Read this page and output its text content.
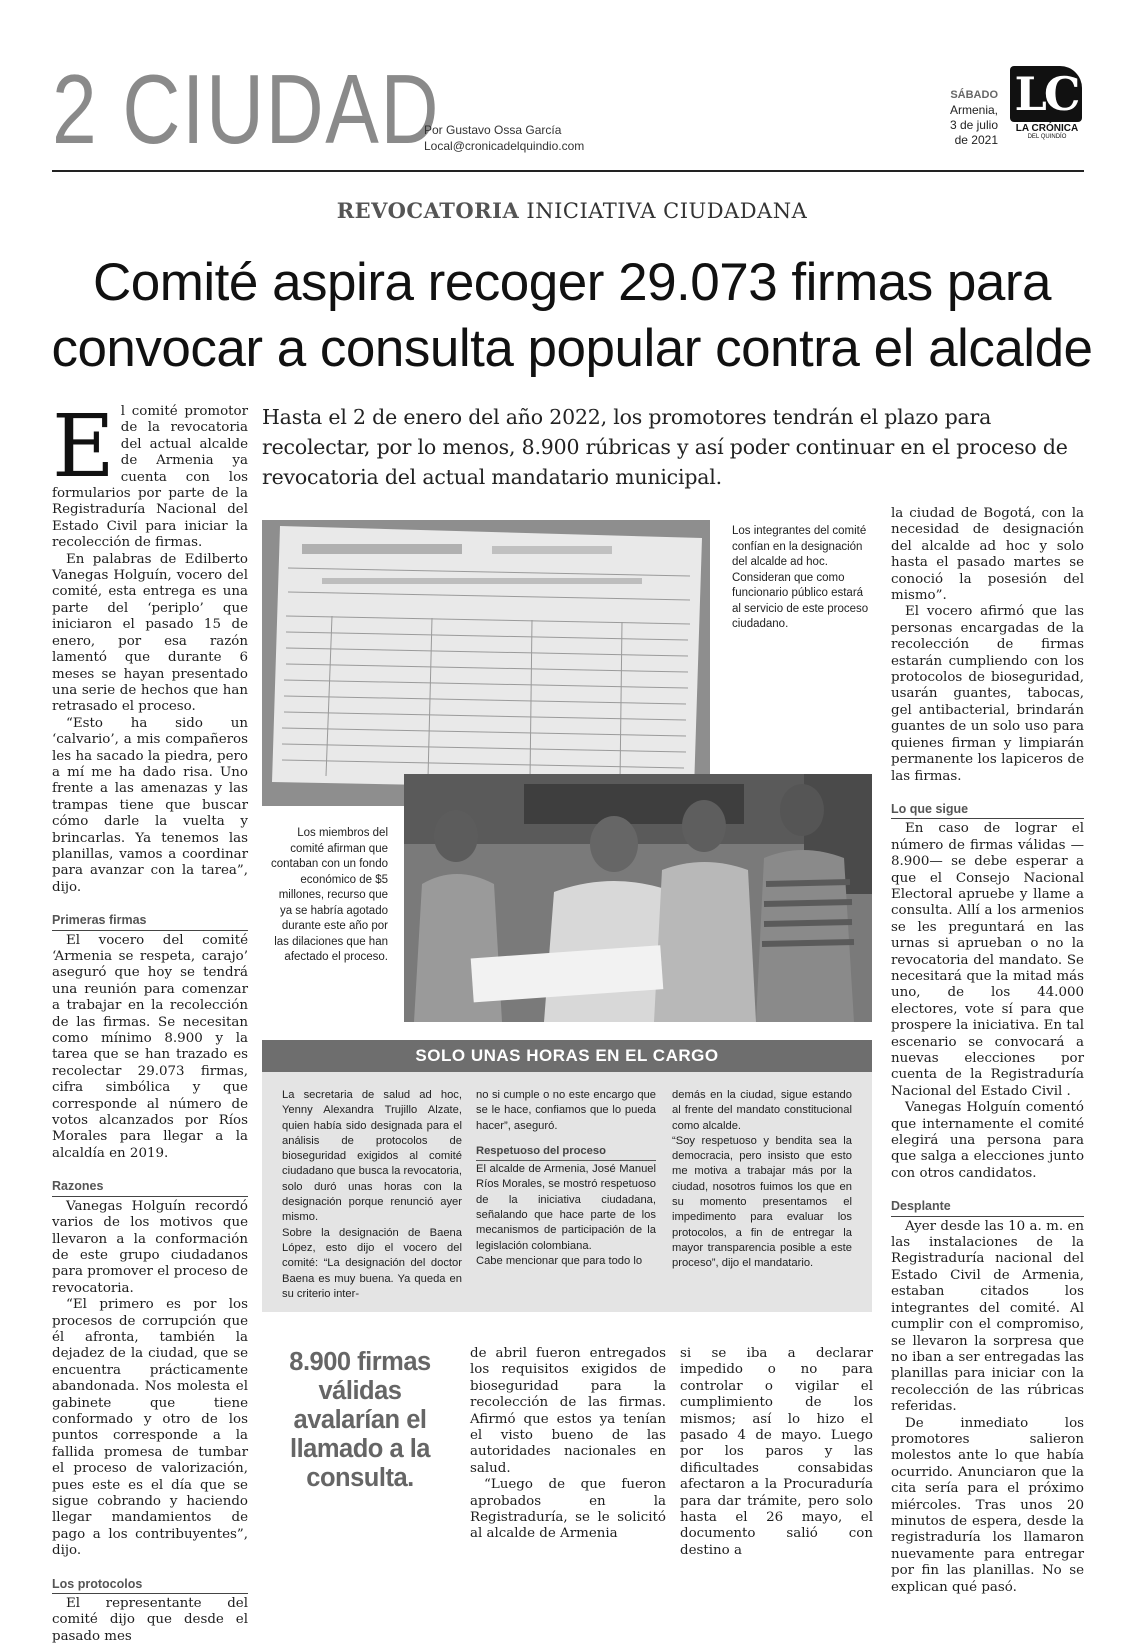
2 CIUDAD
Por Gustavo Ossa García
Local@cronicadelquindio.com
SÁBADO
Armenia,
3 de julio
de 2021
LC
LA CRÓNICA
DEL QUINDÍO
REVOCATORIA INICIATIVA CIUDADANA
Comité aspira recoger 29.073 firmas para
convocar a consulta popular contra el alcalde
Hasta el 2 de enero del año 2022, los promotores tendrán el plazo para recolectar, por lo menos, 8.900 rúbricas y así poder continuar en el proceso de revocatoria del actual mandatario municipal.

El comité promotor de la revocatoria del actual alcalde de Armenia ya cuenta con los formularios por parte de la Registraduría Nacional del Estado Civil para iniciar la recolección de firmas.

En palabras de Edilberto Vanegas Holguín, vocero del comité, esta entrega es una parte del ‘periplo’ que iniciaron el pasado 15 de enero, por esa razón lamentó que durante 6 meses se hayan presentado una serie de hechos que han retrasado el proceso.

“Esto ha sido un ‘calvario’, a mis compañeros les ha sacado la piedra, pero a mí me ha dado risa. Uno frente a las amenazas y las trampas tiene que buscar cómo darle la vuelta y brincarlas. Ya tenemos las planillas, vamos a coordinar para avanzar con la tarea”, dijo.

Primeras firmas

El vocero del comité ‘Armenia se respeta, carajo’ aseguró que hoy se tendrá una reunión para comenzar a trabajar en la recolección de las firmas. Se necesitan como mínimo 8.900 y la tarea que se han trazado es recolectar 29.073 firmas, cifra simbólica y que corresponde al número de votos alcanzados por Ríos Morales para llegar a la alcaldía en 2019.

Razones

Vanegas Holguín recordó varios de los motivos que llevaron a la conformación de este grupo ciudadanos para promover el proceso de revocatoria.

“El primero es por los procesos de corrupción que él afronta, también la dejadez de la ciudad, que se encuentra prácticamente abandonada. Nos molesta el gabinete que tiene conformado y otro de los puntos corresponde a la fallida promesa de tumbar el proceso de valorización, pues este es el día que se sigue cobrando y haciendo llegar mandamientos de pago a los contribuyentes”, dijo.

Los protocolos

El representante del comité dijo que desde el pasado mes

Los integrantes del comité confían en la designación del alcalde ad hoc. Consideran que como funcionario público estará al servicio de este proceso ciudadano.
Los miembros del comité afirman que contaban con un fondo económico de $5 millones, recurso que ya se habría agotado durante este año por las dilaciones que han afectado el proceso.

la ciudad de Bogotá, con la necesidad de designación del alcalde ad hoc y solo hasta el pasado martes se conoció la posesión del mismo”.

El vocero afirmó que las personas encargadas de la recolección de firmas estarán cumpliendo con los protocolos de bioseguridad, usarán guantes, tabocas, gel antibacterial, brindarán guantes de un solo uso para quienes firman y limpiarán permanente los lapiceros de las firmas.

Lo que sigue

En caso de lograr el número de firmas válidas —8.900— se debe esperar a que el Consejo Nacional Electoral apruebe y llame a consulta. Allí a los armenios se les preguntará en las urnas si aprueban o no la revocatoria del mandato. Se necesitará que la mitad más uno, de los 44.000 electores, vote sí para que prospere la iniciativa. En tal escenario se convocará a nuevas elecciones por cuenta de la Registraduría Nacional del Estado Civil .

Vanegas Holguín comentó que internamente el comité elegirá una persona para que salga a elecciones junto con otros candidatos.

Desplante

Ayer desde las 10 a. m. en las instalaciones de la Registraduría nacional del Estado Civil de Armenia, estaban citados los integrantes del comité. Al cumplir con el compromiso, se llevaron la sorpresa que no iban a ser entregadas las planillas para iniciar con la recolección de las rúbricas referidas.

De inmediato los promotores salieron molestos ante lo que había ocurrido. Anunciaron que la cita sería para el próximo miércoles. Tras unos 20 minutos de espera, desde la registraduría los llamaron nuevamente para entregar por fin las planillas. No se explican qué pasó.

SOLO UNAS HORAS EN EL CARGO

La secretaria de salud ad hoc, Yenny Alexandra Trujillo Alzate, quien había sido designada para el análisis de protocolos de bioseguridad exigidos al comité ciudadano que busca la revocatoria, solo duró unas horas con la designación porque renunció ayer mismo.

Sobre la designación de Baena López, esto dijo el vocero del comité: “La designación del doctor Baena es muy buena. Ya queda en su criterio inter-

no si cumple o no este encargo que se le hace, confiamos que lo pueda hacer”, aseguró.

Respetuoso del proceso

El alcalde de Armenia, José Manuel Ríos Morales, se mostró respetuoso de la iniciativa ciudadana, señalando que hace parte de los mecanismos de participación de la legislación colombiana.

Cabe mencionar que para todo lo

demás en la ciudad, sigue estando al frente del mandato constitucional como alcalde.

“Soy respetuoso y bendita sea la democracia, pero insisto que esto me motiva a trabajar más por la ciudad, nosotros fuimos los que en su momento presentamos el impedimento para evaluar los protocolos, a fin de entregar la mayor transparencia posible a este proceso”, dijo el mandatario.

8.900 firmas válidas avalarían el llamado a la consulta.

de abril fueron entregados los requisitos exigidos de bioseguridad para la recolección de las firmas. Afirmó que estos ya tenían el visto bueno de las autoridades nacionales en salud.

“Luego de que fueron aprobados en la Registraduría, se le solicitó al alcalde de Armenia

si se iba a declarar impedido o no para controlar o vigilar el cumplimiento de los mismos; así lo hizo el pasado 4 de mayo. Luego por los paros y las dificultades consabidas afectaron a la Procuraduría para dar trámite, pero solo hasta el 26 mayo, el documento salió con destino a
